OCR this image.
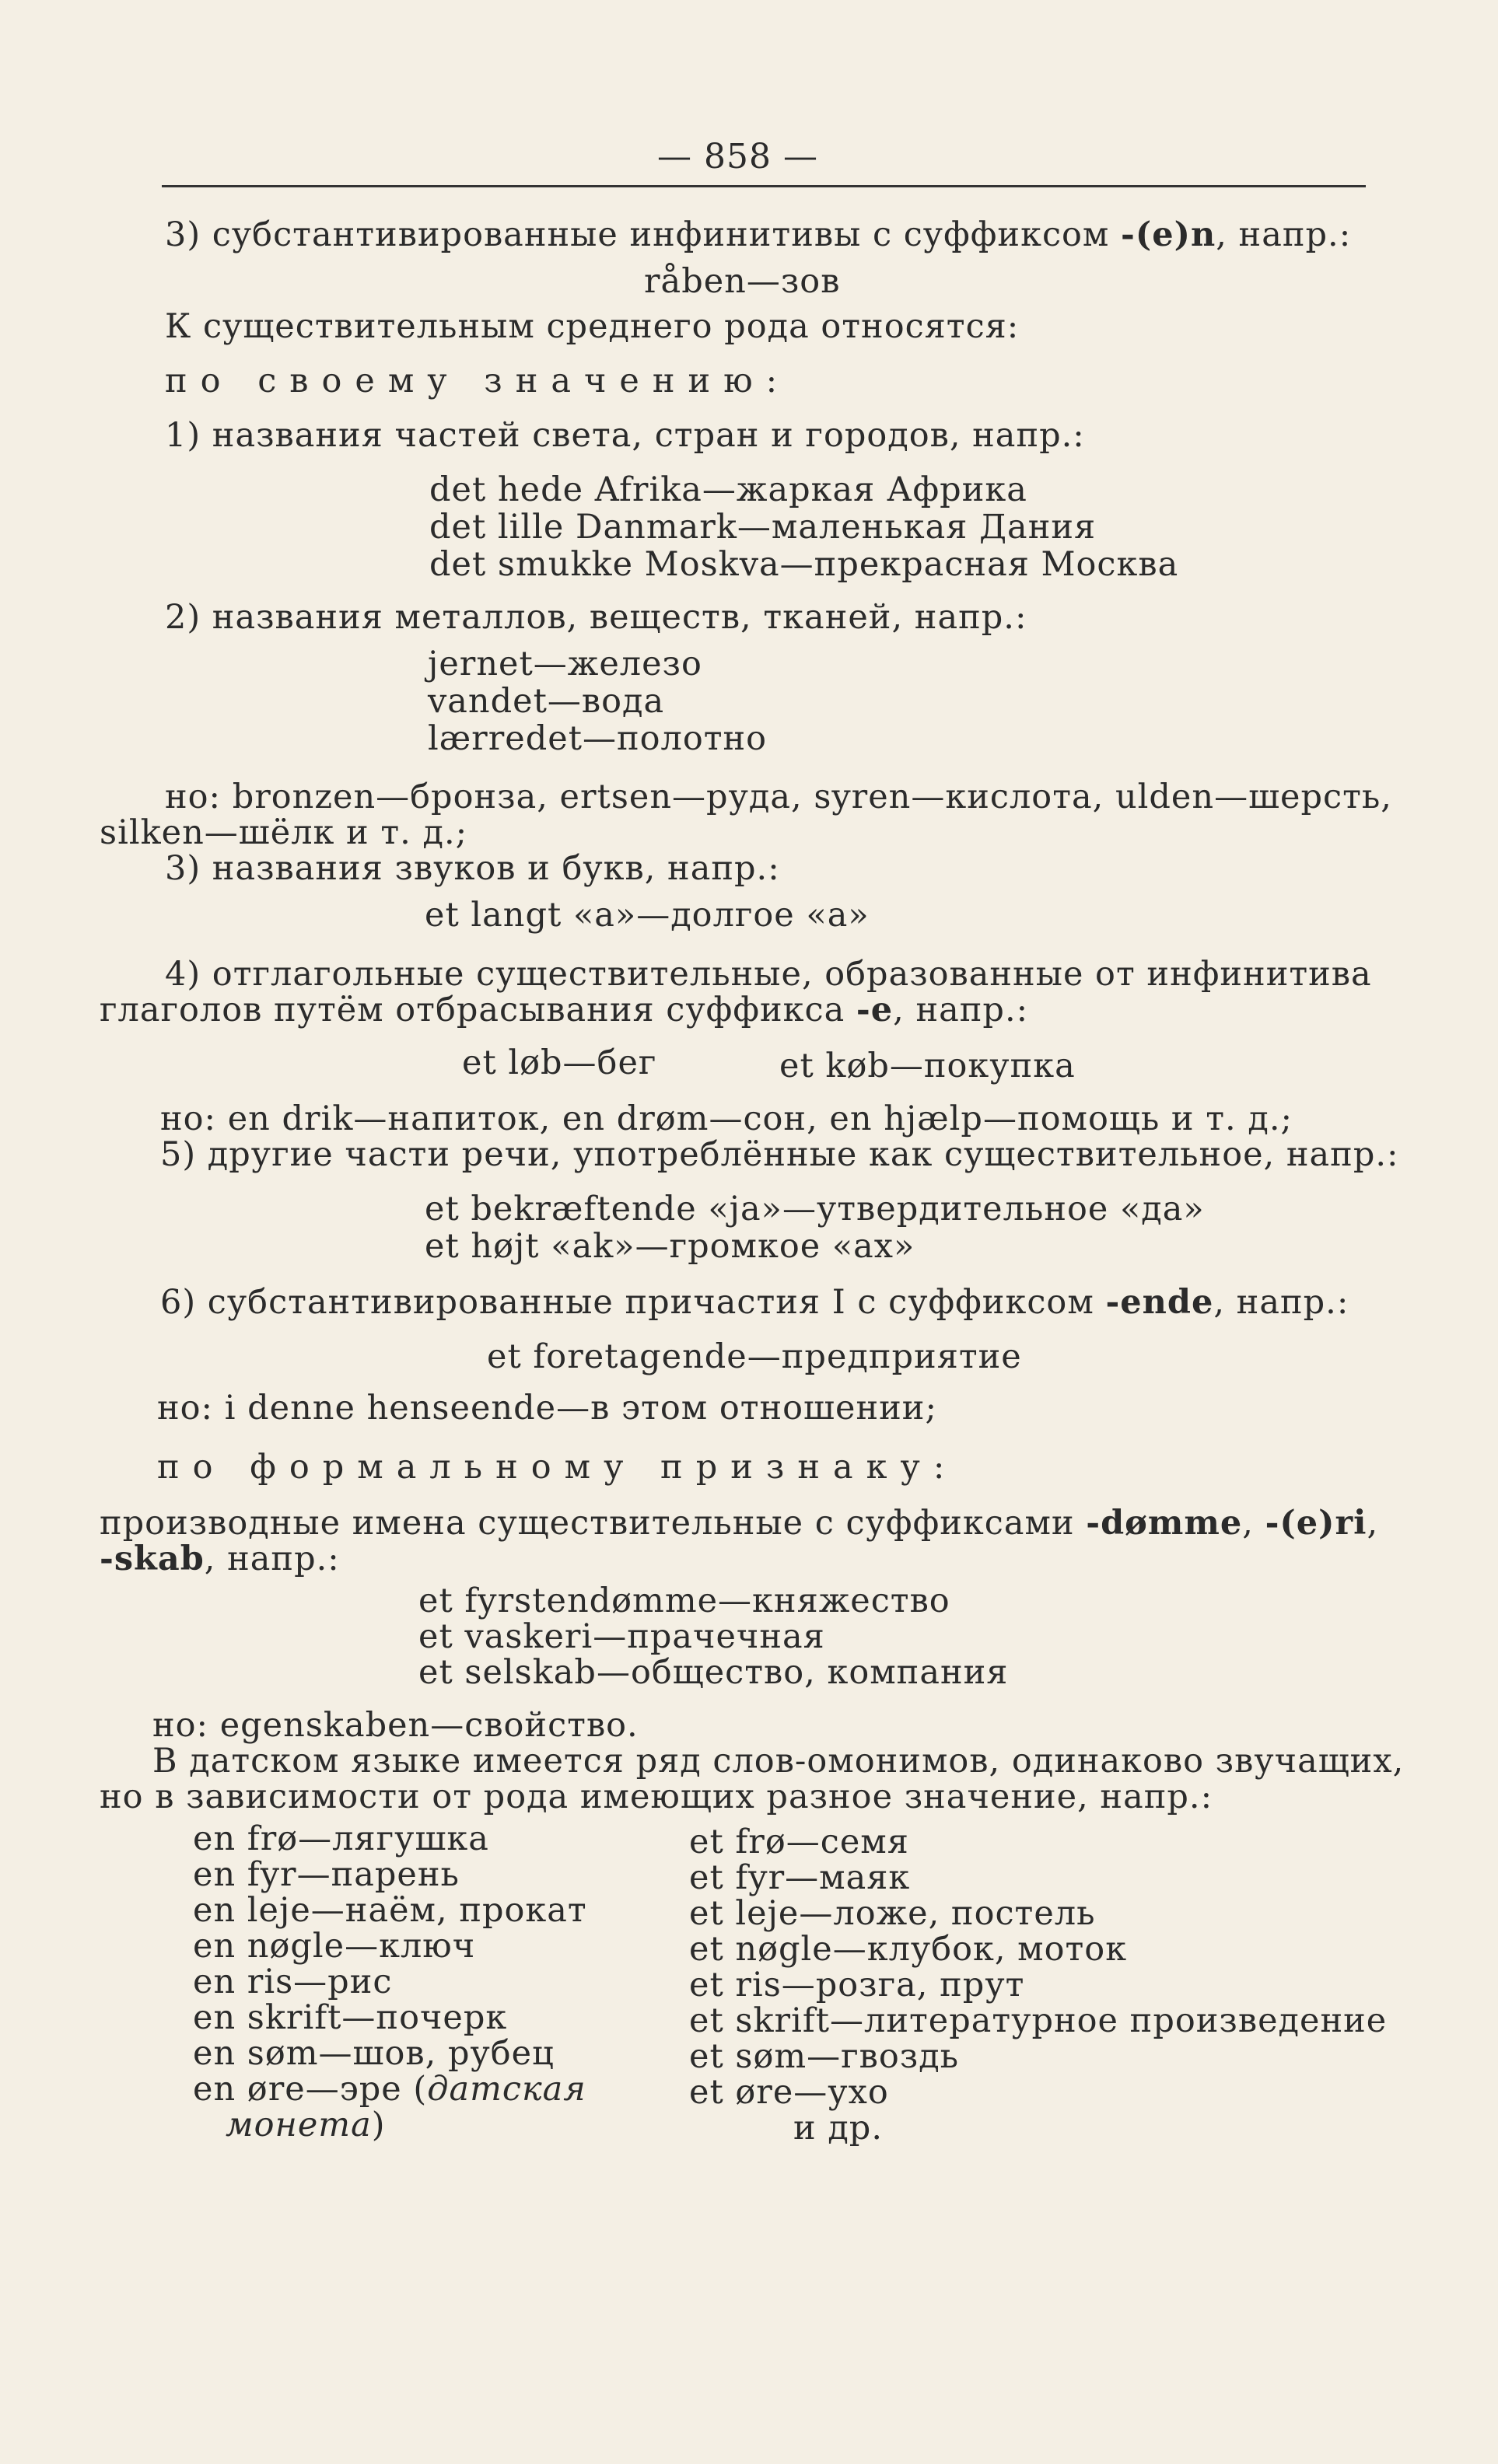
— 858 —
3) субстантивированные инфинитивы с суффиксом -(е)n, напр.:
råben—зов
К существительным среднего рода относятся:
по своему значению:
1) названия частей света, стран и городов, напр.:
det hede Afrika—жаркая Африка
det lille Danmark—маленькая Дания
det smukke Moskva—прекрасная Москва
2) названия металлов, веществ, тканей, напр.:
jernet—железо
vandet—вода
lærredet—полотно
но: bronzen—бронза, ertsen—руда, syren—кислота, ulden—шерсть,
silken—шёлк и т. д.;
3) названия звуков и букв, напр.:
et langt «а»—долгое «а»
4) отглагольные существительные, образованные от инфинитива
глаголов путём отбрасывания суффикса -е, напр.:
et løb—бег	et køb—покупка
но: en drik—напиток, en drøm—сон, en hjælp—помощь и т. д.;
5) другие части речи, употреблённые как существительное, напр.:
et bekræftende «ja»—утвердительное «да»
et højt «ak»—громкое «ах»
6) субстантивированные причастия I с суффиксом -ende, напр.:
et foretagende—предприятие
но: i denne henseende—в этом отношении;
по формальному признаку:
производные имена существительные с суффиксами -dømme, -(e)ri,
-skab, напр.:
et fyrstendømme—княжество
et vaskeri—прачечная
et selskab—общество, компания
но: egenskaben—свойство.
В датском языке имеется ряд слов-омонимов, одинаково звучащих,
но в зависимости от рода имеющих разное значение, напр.:
en frø—лягушка
en fyr—парень
en leje—наём, прокат
en nøgle—ключ
en ris—рис
en skrift—почерк
en søm—шов, рубец
en øre—эре (датская
монета)
et frø—семя
et fyr—маяк
et leje—ложе, постель
et nøgle—клубок, моток
et ris—розга, прут
et skrift—литературное произведение
et søm—гвоздь
et øre—ухо
и др.
